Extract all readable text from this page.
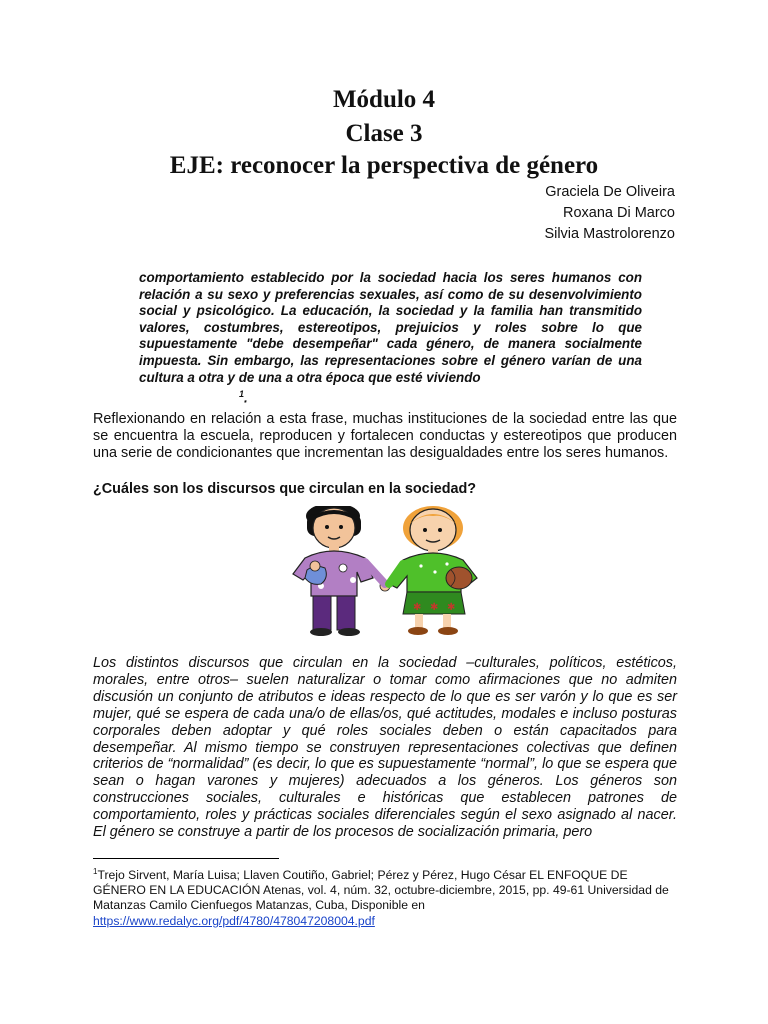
Módulo 4
Clase 3
EJE: reconocer la perspectiva de género
Graciela De Oliveira
Roxana Di Marco
Silvia Mastrolorenzo

comportamiento establecido por la sociedad hacia los seres humanos con relación a su sexo y preferencias sexuales, así como de su desenvolvimiento social y psicológico. La educación, la sociedad y la familia han transmitido valores, costumbres, estereotipos, prejuicios y roles sobre lo que supuestamente "debe desempeñar" cada género, de manera socialmente impuesta. Sin embargo, las representaciones sobre el género varían de una cultura a otra y de una a otra época que esté viviendo
$^1$.

Reflexionando en relación a esta frase, muchas instituciones de la sociedad entre las que se encuentra la escuela, reproducen y fortalecen conductas y estereotipos que producen una serie de condicionantes que incrementan las desigualdades entre los seres humanos.

¿Cuáles son los discursos que circulan en la sociedad?

✱ ✱ ✱

Los distintos discursos que circulan en la sociedad –culturales, políticos, estéticos, morales, entre otros– suelen naturalizar o tomar como afirmaciones que no admiten discusión un conjunto de atributos e ideas respecto de lo que es ser varón y lo que es ser mujer, qué se espera de cada una/o de ellas/os, qué actitudes, modales e incluso posturas corporales deben adoptar y qué roles sociales deben o están capacitados para desempeñar. Al mismo tiempo se construyen representaciones colectivas que definen criterios de “normalidad” (es decir, lo que es supuestamente “normal”, lo que se espera que sean o hagan varones y mujeres) adecuados a los géneros. Los géneros son construcciones sociales, culturales e históricas que establecen patrones de comportamiento, roles y prácticas sociales diferenciales según el sexo asignado al nacer. El género se construye a partir de los procesos de socialización primaria, pero

$^1$Trejo Sirvent, María Luisa; Llaven Coutiño, Gabriel; Pérez y Pérez, Hugo César EL ENFOQUE DE GÉNERO EN LA EDUCACIÓN Atenas, vol. 4, núm. 32, octubre-diciembre, 2015, pp. 49-61 Universidad de Matanzas Camilo Cienfuegos Matanzas, Cuba, Disponible en
https://www.redalyc.org/pdf/4780/478047208004.pdf
